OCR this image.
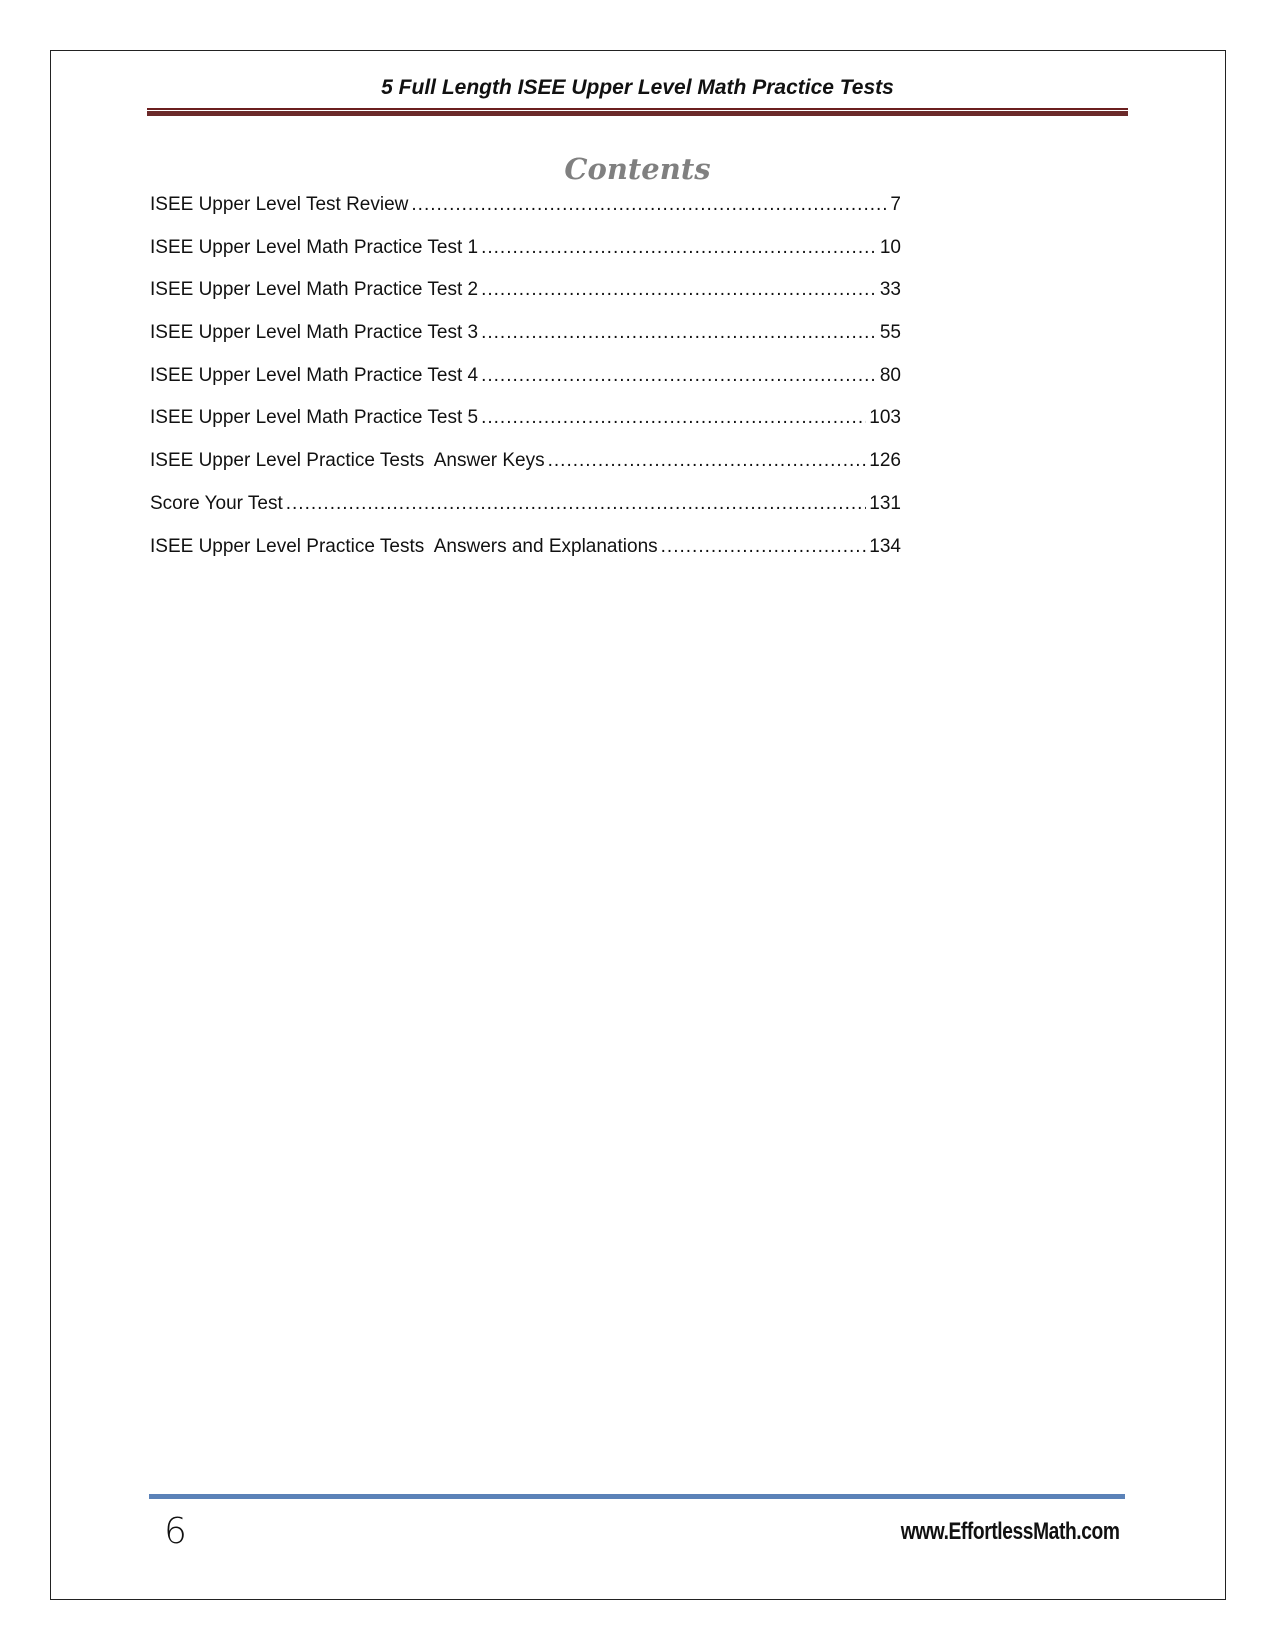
5 Full Length ISEE Upper Level Math Practice Tests
Contents
ISEE Upper Level Test Review .....	7
ISEE Upper Level Math Practice Test 1 .....	10
ISEE Upper Level Math Practice Test 2 .....	33
ISEE Upper Level Math Practice Test 3 .....	55
ISEE Upper Level Math Practice Test 4 .....	80
ISEE Upper Level Math Practice Test 5 .....	103
ISEE Upper Level Practice Tests  Answer Keys .....	126
Score Your Test .....	131
ISEE Upper Level Practice Tests  Answers and Explanations .....	134
6	www.EffortlessMath.com
